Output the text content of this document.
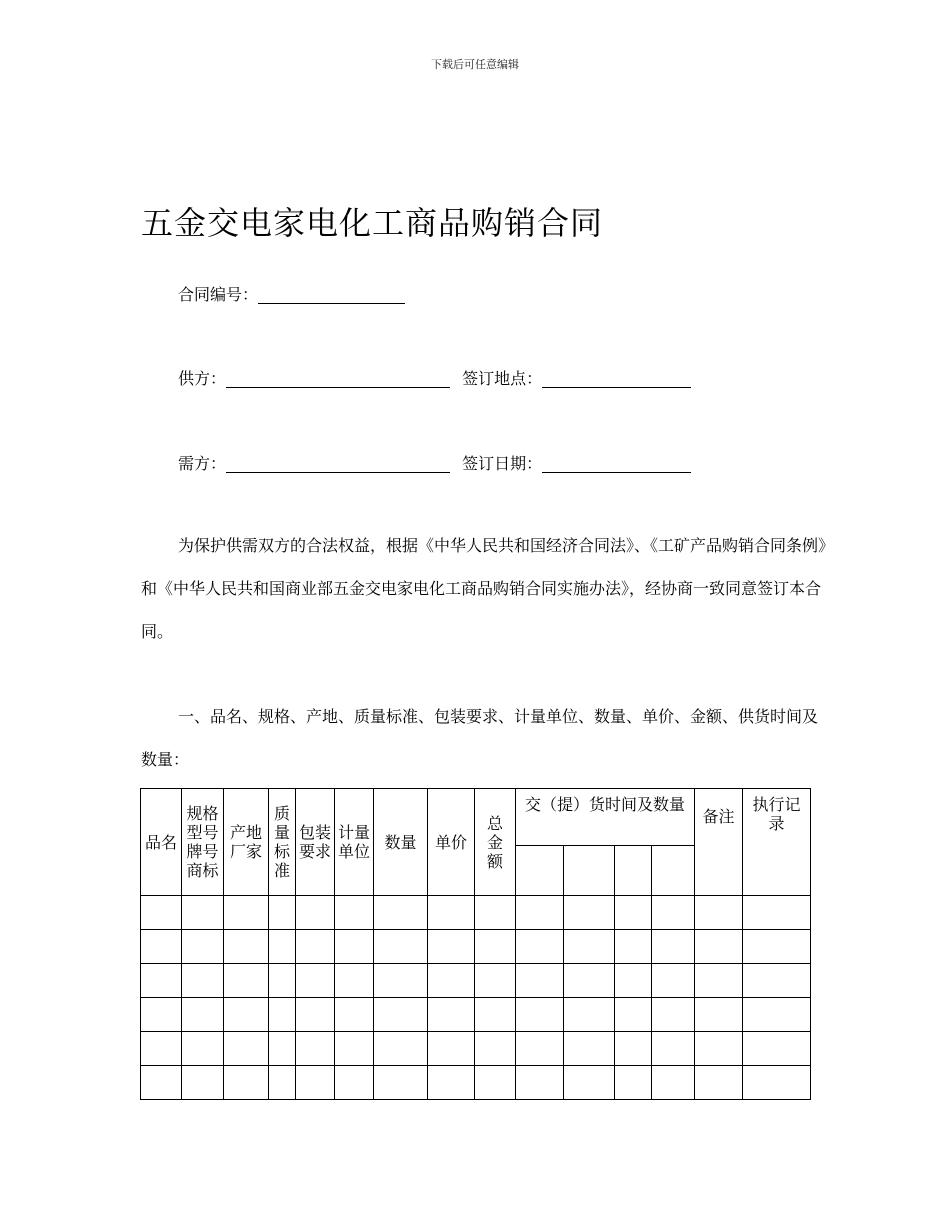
下载后可任意编辑
五金交电家电化工商品购销合同
合同编号：
供方：	签订地点：
需方：	签订日期：
为保护供需双方的合法权益，根据《中华人民共和国经济合同法》、《工矿产品购销合同条例》和《中华人民共和国商业部五金交电家电化工商品购销合同实施办法》，经协商一致同意签订本合同。
一、品名、规格、产地、质量标准、包装要求、计量单位、数量、单价、金额、供货时间及数量：
品名	规格型号牌号商标	产地厂家	质量标准	包装要求	计量单位	数量	单价	总金额	交（提）货时间及数量				备注	执行记录
